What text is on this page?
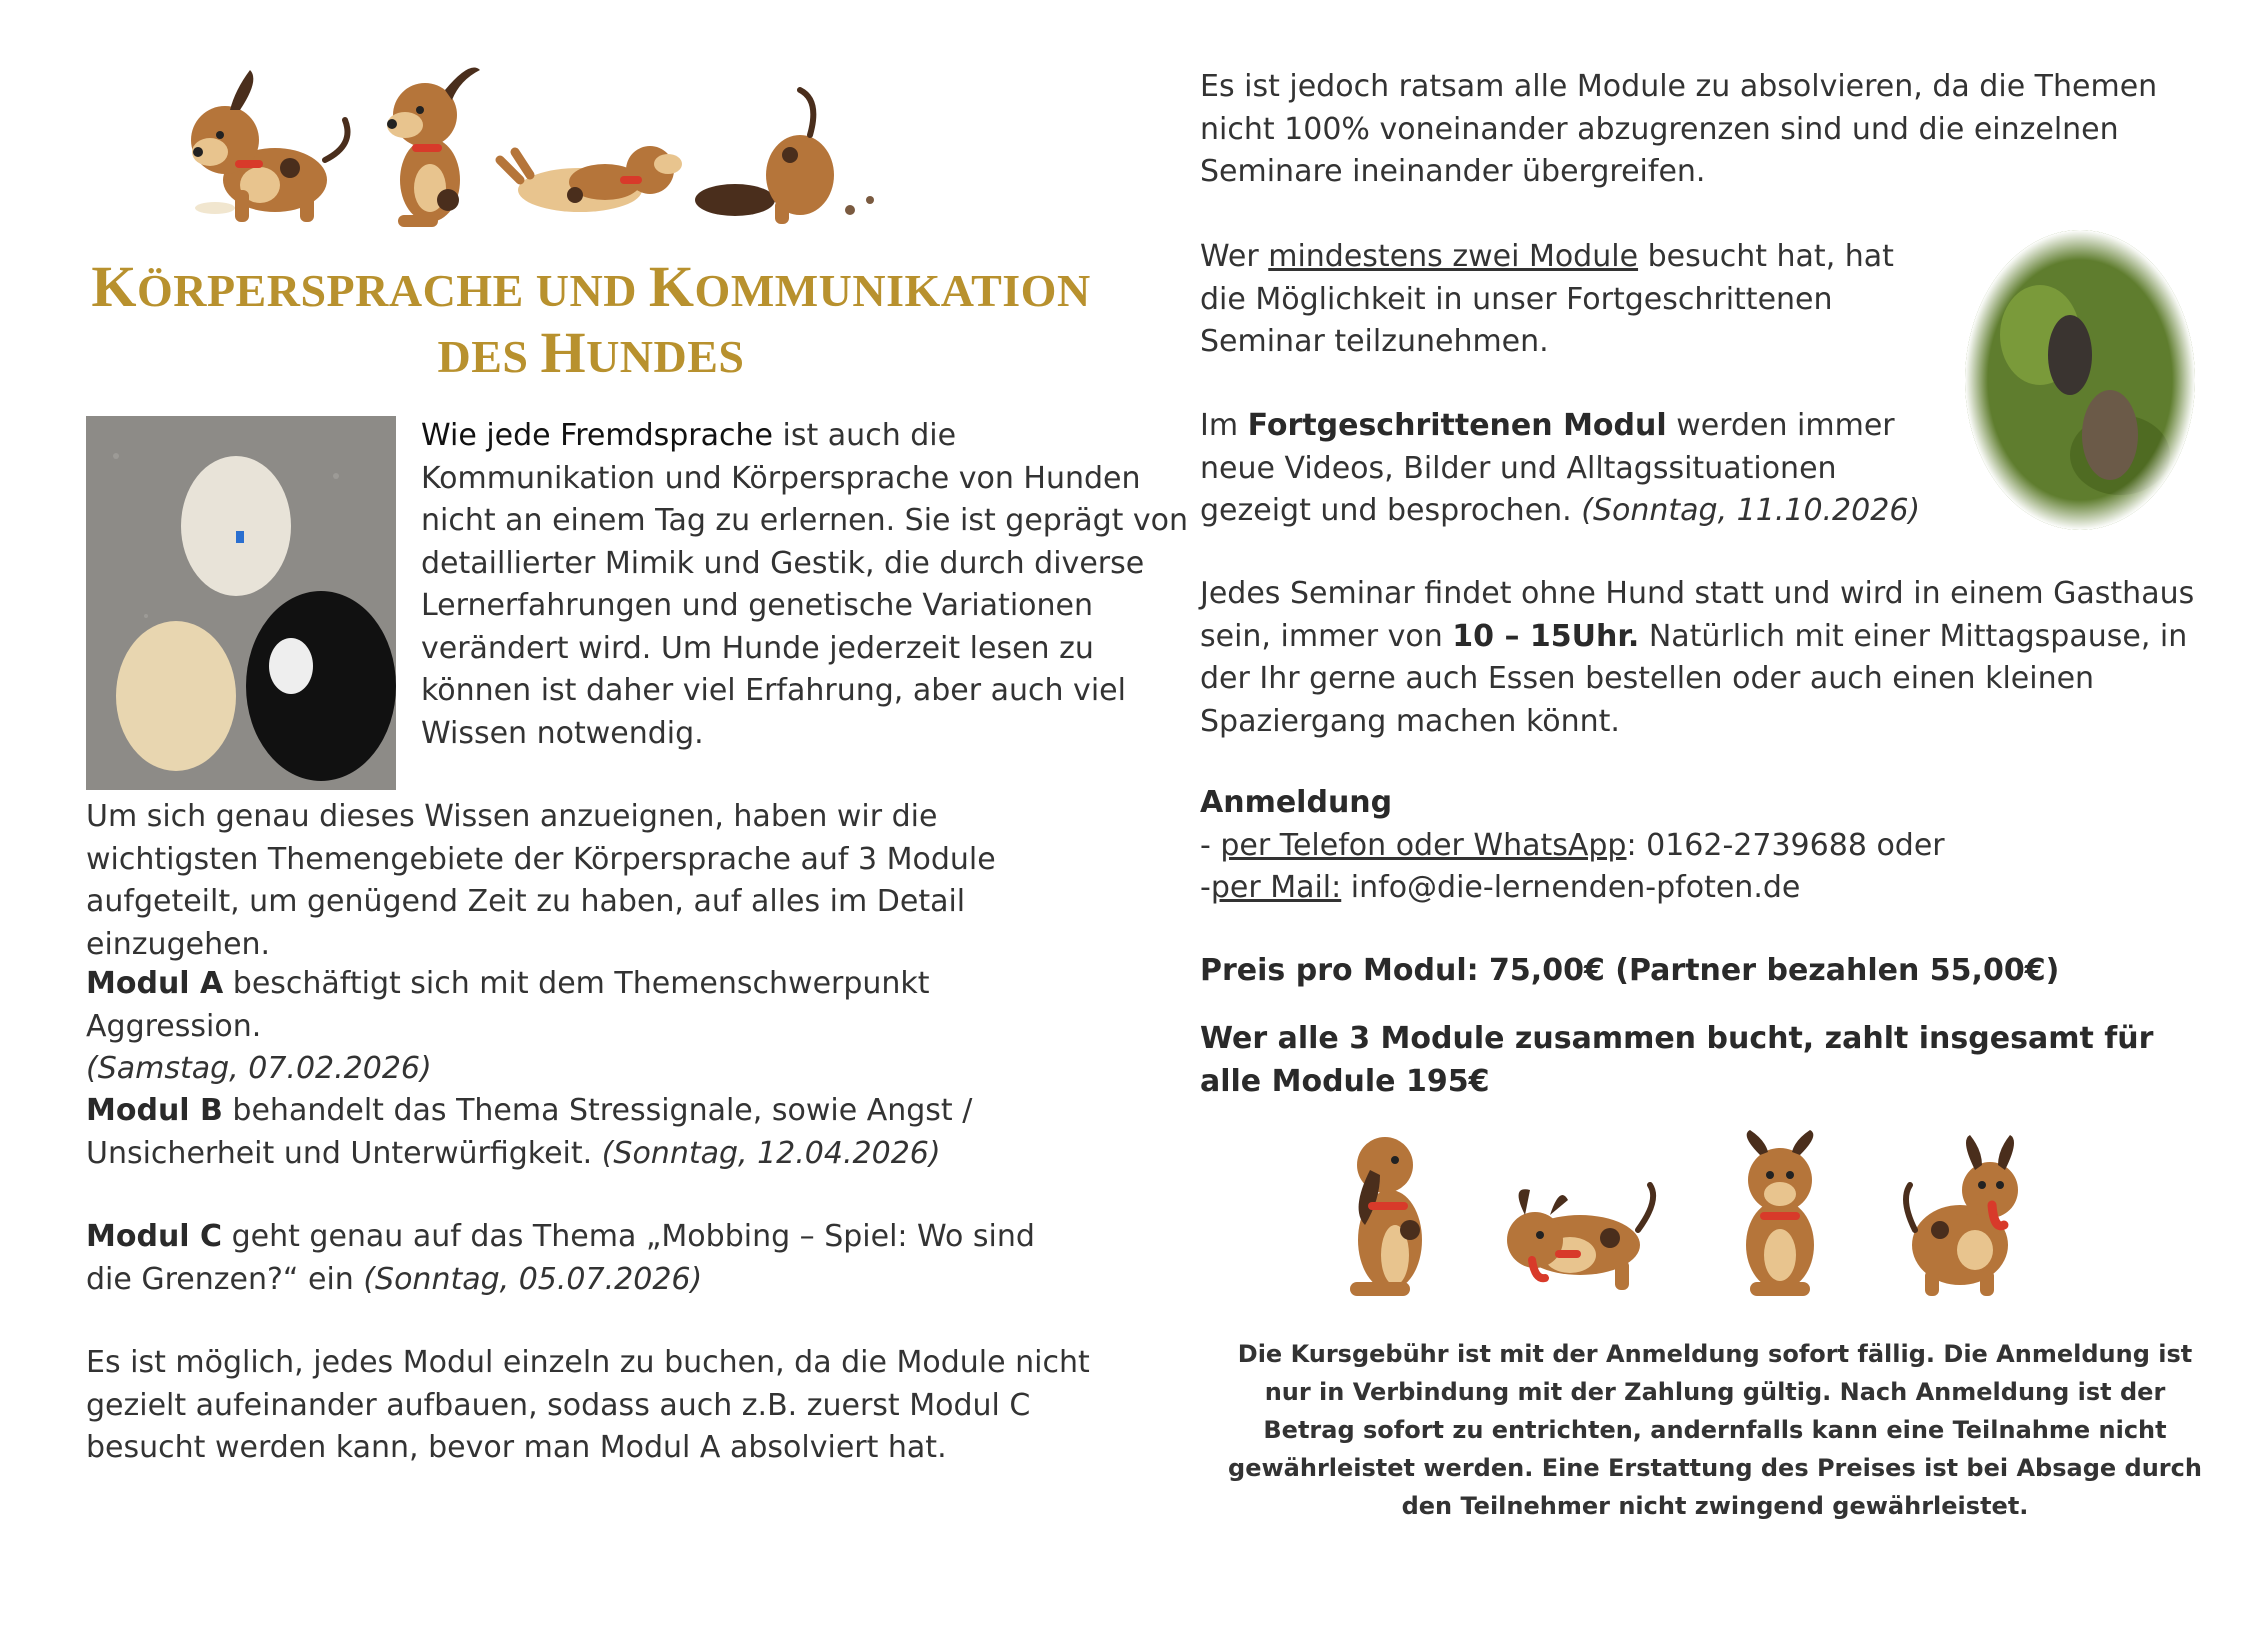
KÖRPERSPRACHE UND KOMMUNIKATION
DES HUNDES

Wie jede Fremdsprache ist auch die Kommunikation und Körpersprache von Hunden nicht an einem Tag zu erlernen. Sie ist geprägt von detaillierter Mimik und Gestik, die durch diverse Lernerfahrungen und genetische Variationen verändert wird. Um Hunde jederzeit lesen zu können ist daher viel Erfahrung, aber auch viel Wissen notwendig.

Um sich genau dieses Wissen anzueignen, haben wir die wichtigsten Themengebiete der Körpersprache auf 3 Module aufgeteilt, um genügend Zeit zu haben, auf alles im Detail einzugehen.

Modul A beschäftigt sich mit dem Themenschwerpunkt Aggression.
(Samstag, 07.02.2026)

Modul B behandelt das Thema Stressignale, sowie Angst / Unsicherheit und Unterwürfigkeit. (Sonntag, 12.04.2026)

Modul C geht genau auf das Thema „Mobbing – Spiel: Wo sind die Grenzen?“ ein (Sonntag, 05.07.2026)

Es ist möglich, jedes Modul einzeln zu buchen, da die Module nicht gezielt aufeinander aufbauen, sodass auch z.B. zuerst Modul C besucht werden kann, bevor man Modul A absolviert hat.

Es ist jedoch ratsam alle Module zu absolvieren, da die Themen nicht 100% voneinander abzugrenzen sind und die einzelnen Seminare ineinander übergreifen.

Wer mindestens zwei Module besucht hat, hat die Möglichkeit in unser Fortgeschrittenen Seminar teilzunehmen.

Im Fortgeschrittenen Modul werden immer neue Videos, Bilder und Alltagssituationen gezeigt und besprochen. (Sonntag, 11.10.2026)

Jedes Seminar findet ohne Hund statt und wird in einem Gasthaus sein, immer von 10 – 15Uhr. Natürlich mit einer Mittagspause, in der Ihr gerne auch Essen bestellen oder auch einen kleinen Spaziergang machen könnt.

Anmeldung
- per Telefon oder WhatsApp: 0162-2739688 oder
-per Mail: info@die-lernenden-pfoten.de

Preis pro Modul: 75,00€ (Partner bezahlen 55,00€)

Wer alle 3 Module zusammen bucht, zahlt insgesamt für alle Module 195€

Die Kursgebühr ist mit der Anmeldung sofort fällig. Die Anmeldung ist nur in Verbindung mit der Zahlung gültig. Nach Anmeldung ist der Betrag sofort zu entrichten, andernfalls kann eine Teilnahme nicht gewährleistet werden. Eine Erstattung des Preises ist bei Absage durch den Teilnehmer nicht zwingend gewährleistet.
